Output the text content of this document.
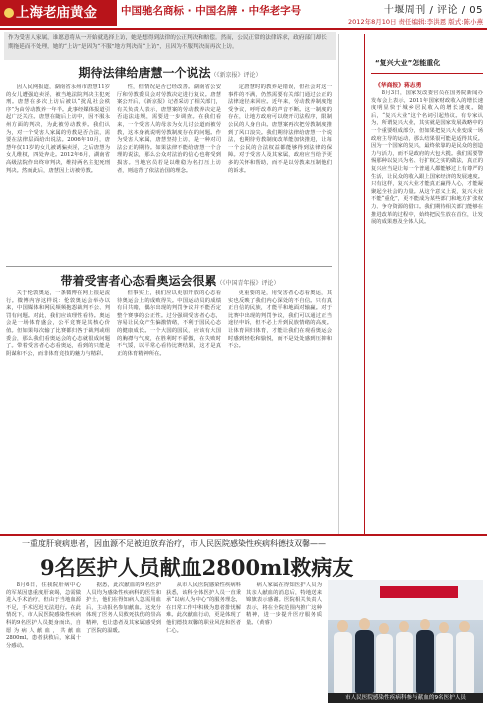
上海老庙黄金	中国驰名商标 · 中国名牌 · 中华老字号	十堰周刊 / 评论 / 05
2012年8月10日 责任编辑:李洪恩 版式:陈小燕
作为受害人家属，谁愿意将从一开始就选择上访，她是想得到法律的公正判决和赔偿。然而，公民正常的法律诉求，政府部门却长期拖延而不处理，她的“上访”是因为“不服”地方判决而“上访”，且因为不服判决而再次上访。
期待法律给唐慧一个说法（《新京报》评论）

因人民网报道，湖南省永州市唐慧11岁的女儿遭强迫卖淫，被当地法院判决主犯死刑。唐慧在多次上访后被以“扰乱社会秩序”为由劳动教养一年半。此事经媒体报道引起广泛关注。唐慧在随后上访中，因不服永州方面的判决，为此被劳动教养。我们认为，对一个受害人家属的劳教是否合法，需要在法律层面给出说法。2006年10月，唐慧年仅11岁的女儿被诱骗卖淫，之后唐慧为女儿维权，四处奔走。2012年6月，湖南省高级法院作出终审判决，维持两名主犯死刑判决。然而此后，唐慧因上访被劳教。

性，但情况是否已经改善。湖南省公安厅和劳教委员会对劳教决定进行复议。唐慧案公开后，《新京报》记者采访了相关部门，有关负责人表示，唐慧案的劳动教养决定是否违法违规，需要进一步调查。在我们看来，一个受害人的母亲为女儿讨公道而被劳教，这本身就说明劳教制度存在的问题。作为受害人家属，唐慧坚持上访，是一种对司法公正的期待。如果法律不能给唐慧一个合理的说法，那么公众对法治的信心也将受到损害。当地官员若是以维稳为名打压上访者，则违背了依法治国的理念。

定唐慧时的教养是错误，但社会对这一事件的不满，仍然需要有关部门通过公正的法律途径来回应。近年来，劳动教养制度饱受争议，呼吁改革的声音不断。这一制度的存在，让地方政府可以绕开司法程序，限制公民的人身自由。唐慧案再次把劳教制度推到了风口浪尖。我们期待法律给唐慧一个说法，也期待劳教制度改革能加快推进，让每一个公民的合法权益都能够得到法律的保障。对于受害人及其家属，政府应当给予更多的关怀和帮助，而不是以劳教来压制他们的诉求。

带着受害者心态看奥运会很累（《中国青年报》评论）

关于伦敦奥运，一条微博在网上很是流行。微博内容这样说：伦敦奥运会举办以来，中国媒体和网民频频抱怨裁判不公、判罚有问题。对此，我们应该理性看待。奥运会是一场体育盛会，公平竞赛是其核心价值。但如果每次输了比赛都归咎于裁判或组委会，那么我们看奥运会的心态就很成问题了。带着受害者心态看奥运，看到的只能是阴谋和不公，而非体育竞技的魅力与精彩。

但事实上，我们应以更加开放的心态看待奥运会上的成败得失。中国运动员的成绩有目共睹，偶尔出现的判罚争议并不能否定整个赛事的公正性。过分强调受害者心态，容易让民众产生偏激情绪，不利于国民心态的健康成长。一个大国的国民，应该有大国的胸襟与气度，在胜利时不骄傲，在失败时不气馁，以平常心看待比赛结果，这才是真正的体育精神所在。

更重要的是，用受害者心态看奥运，其实也反映了我们内心深处的不自信。只有真正自信的民族，才能平和地面对输赢。对于比赛中出现的判罚争议，我们可以通过正当途径申诉，但不必上升到民族情绪的高度。让体育回归体育，才能让我们在观看奥运会时感到轻松和愉悦，而不是处处感到压抑和不公。

“复兴大业”怎能重化
《华商报》蒋志勇

8月3日，国家发改委官员在国务院新闻办发布会上表示，2011年国家财政收入的增长速度明显快于城乡居民收入的增长速度。随后，“复兴大业”这个名词引起热议。有专家认为，所谓复兴大业，其实就是国家发展战略中的一个重要组成部分，但如果把复兴大业变成一场政府主导的运动，那么结果很可能是适得其反。因为一个国家的复兴，最终依靠的是民众的创造力与活力，而不是政府的大包大揽。我们需要警惕那种以复兴为名、行扩权之实的做法，真正的复兴应当是让每一个普通人都能够过上有尊严的生活，让民众的收入跟上国家经济的发展速度。只有这样，复兴大业才能真正赢得人心，才能凝聚起全社会的力量。从这个意义上说，复兴大业不能“重化”，更不能成为某些部门和地方扩张权力、争夺资源的借口。我们期待相关部门能够在推进改革的过程中，始终把民生放在首位，让发展的成果惠及全体人民。

一重度肝衰病患者，因血源不足被迫放弃治疗，市人民医院感染性疾病科德技双馨——
9名医护人员献血2800ml救病友

8月6日，住我院肝病中心的军某因患重度肝衰竭，急需做进入手术治疗，但由于当地血源不足，手术迟迟无法进行。在此情况下，市人民医院感染性疾病科的9名医护人员挺身而出，自愿为病人献血，共献血2800ml。患者获救后，家属十分感动。

据悉，此次献血的9名医护人员均为感染性疾病科的医生和护士，他们在得知病人急需用血后，主动报名参加献血。这充分体现了医务人员救死扶伤的崇高精神，也让患者及其家属感受到了医院的温暖。

从市人民医院感染性疾病科获悉，该科全体医护人员一直秉承“以病人为中心”的服务理念，在日常工作中积极为患者排忧解难。此次献血行动，更是体现了他们德技双馨的职业风范和医者仁心。

病人家属在得知医护人员为其亲人献血的消息后，特地送来锦旗表示感谢。医院相关负责人表示，将在全院范围内推广这种精神，进一步提升医疗服务质量。（黄睿）

市人民医院感染性疾病科参与献血的9名医护人员
